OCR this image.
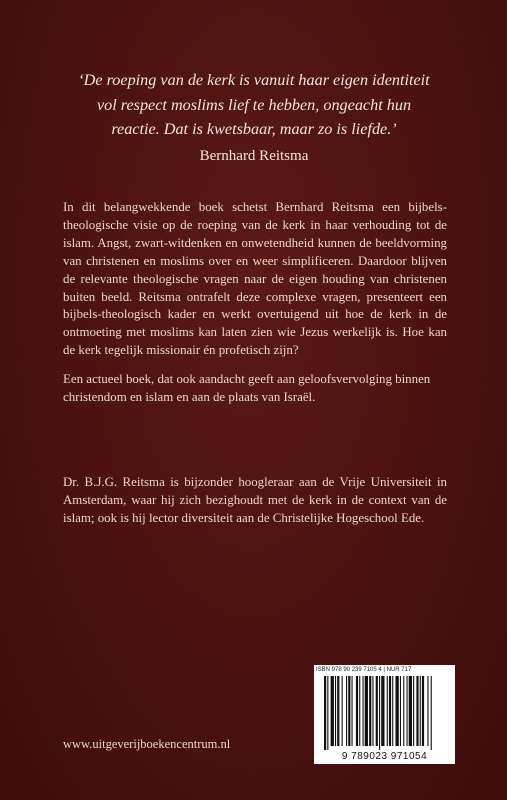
‘De roeping van de kerk is vanuit haar eigen identiteit vol respect moslims lief te hebben, ongeacht hun reactie. Dat is kwetsbaar, maar zo is liefde.’
Bernhard Reitsma
In dit belangwekkende boek schetst Bernhard Reitsma een bijbels-theologische visie op de roeping van de kerk in haar verhouding tot de islam. Angst, zwart-witdenken en onwetendheid kunnen de beeldvorming van christenen en moslims over en weer simplificeren. Daardoor blijven de relevante theologische vragen naar de eigen houding van christenen buiten beeld. Reitsma ontrafelt deze complexe vragen, presenteert een bijbels-theologisch kader en werkt overtuigend uit hoe de kerk in de ontmoeting met moslims kan laten zien wie Jezus werkelijk is. Hoe kan de kerk tegelijk missionair én profetisch zijn?
Een actueel boek, dat ook aandacht geeft aan geloofsvervolging binnen christendom en islam en aan de plaats van Israël.
Dr. B.J.G. Reitsma is bijzonder hoogleraar aan de Vrije Universiteit in Amsterdam, waar hij zich bezighoudt met de kerk in de context van de islam; ook is hij lector diversiteit aan de Christelijke Hogeschool Ede.
www.uitgeverijboekencentrum.nl
ISBN 978 90 239 7105 4 | NUR 717
9 789023 971054
